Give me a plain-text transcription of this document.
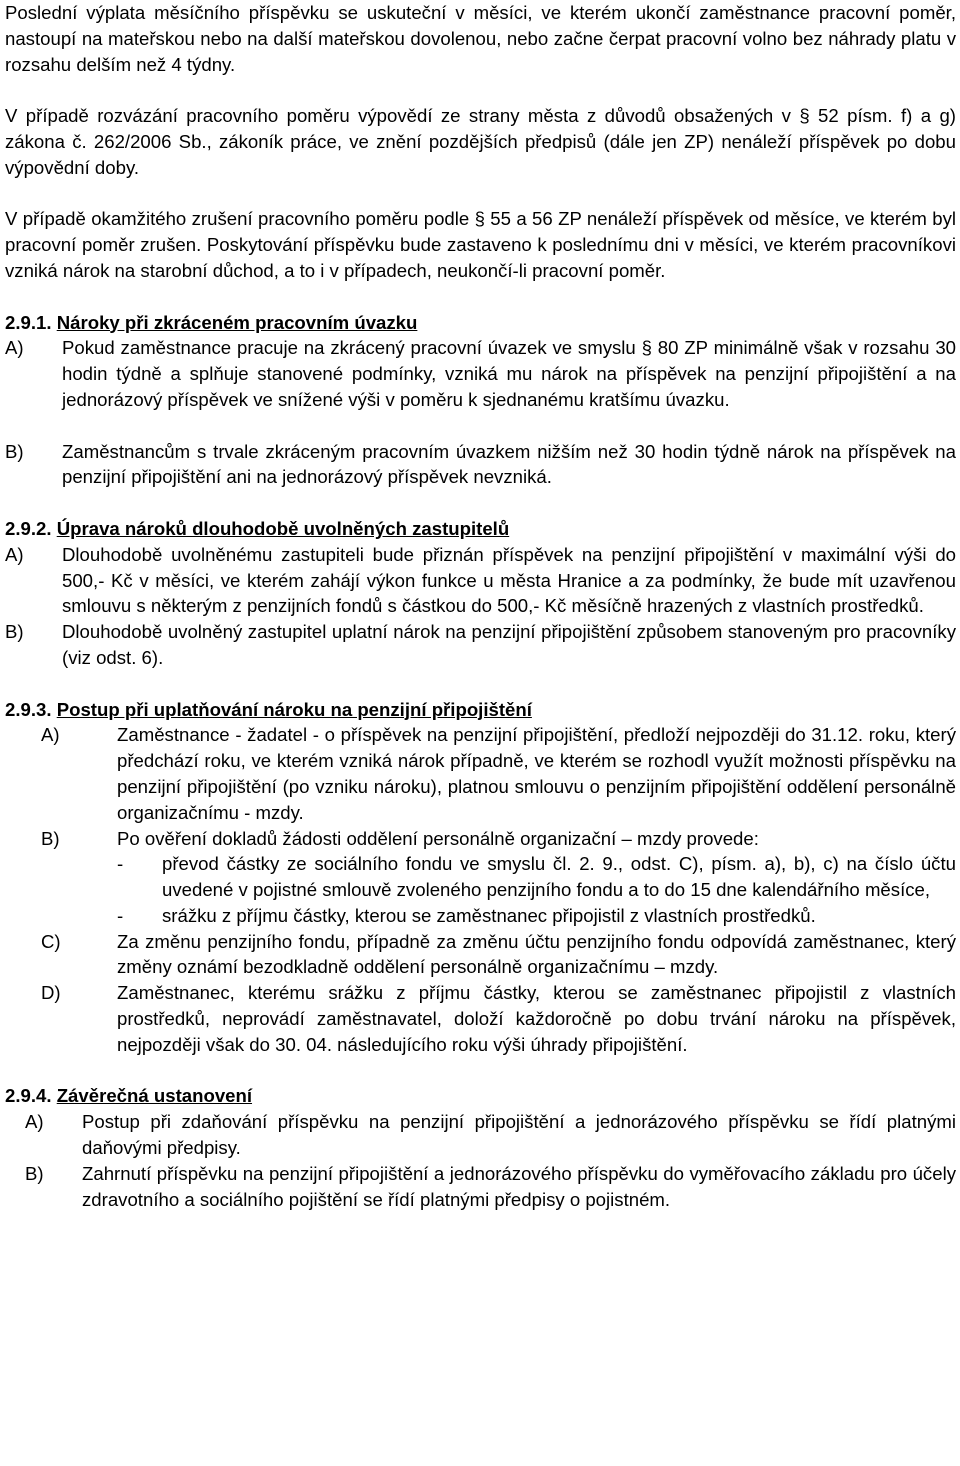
Poslední výplata měsíčního příspěvku se uskuteční v měsíci, ve kterém ukončí zaměstnance pracovní poměr, nastoupí na mateřskou nebo na další mateřskou dovolenou, nebo začne čerpat pracovní volno bez náhrady platu v rozsahu delším než 4 týdny.

V případě rozvázání pracovního poměru výpovědí ze strany města z důvodů obsažených v § 52 písm. f) a g) zákona č. 262/2006 Sb., zákoník práce, ve znění pozdějších předpisů (dále jen ZP) nenáleží příspěvek po dobu výpovědní doby.

V případě okamžitého zrušení pracovního poměru podle § 55 a 56 ZP nenáleží příspěvek od měsíce, ve kterém byl pracovní poměr zrušen. Poskytování příspěvku bude zastaveno k poslednímu dni v měsíci, ve kterém pracovníkovi vzniká nárok na starobní důchod, a to i v případech, neukončí-li pracovní poměr.

2.9.1. Nároky při zkráceném pracovním úvazku

A)	Pokud zaměstnance pracuje na zkrácený pracovní úvazek ve smyslu § 80 ZP minimálně však v rozsahu 30 hodin týdně a splňuje stanovené podmínky, vzniká mu nárok na příspěvek na penzijní připojištění a na jednorázový příspěvek ve snížené výši v poměru k sjednanému kratšímu úvazku.
B)	Zaměstnancům s trvale zkráceným pracovním úvazkem nižším než 30 hodin týdně nárok na příspěvek na penzijní připojištění ani na jednorázový příspěvek nevzniká.

2.9.2. Úprava nároků dlouhodobě uvolněných zastupitelů

A)	Dlouhodobě uvolněnému zastupiteli bude přiznán příspěvek na penzijní připojištění v maximální výši do 500,- Kč v měsíci, ve kterém zahájí výkon funkce u města Hranice a za podmínky, že bude mít uzavřenou smlouvu s některým z penzijních fondů s částkou do 500,- Kč měsíčně hrazených z vlastních prostředků.
B)	Dlouhodobě uvolněný zastupitel uplatní nárok na penzijní připojištění způsobem stanoveným pro pracovníky (viz odst. 6).

2.9.3. Postup při uplatňování nároku na penzijní připojištění

A)	Zaměstnance - žadatel - o příspěvek na penzijní připojištění, předloží nejpozději do 31.12. roku, který předchází roku, ve kterém vzniká nárok případně, ve kterém se rozhodl využít možnosti příspěvku na penzijní připojištění (po vzniku nároku), platnou smlouvu o penzijním připojištění oddělení personálně organizačnímu - mzdy.
B)	Po ověření dokladů žádosti oddělení personálně organizační – mzdy provede:
-	převod částky ze sociálního fondu ve smyslu čl. 2. 9., odst. C), písm. a), b), c) na číslo účtu uvedené v pojistné smlouvě zvoleného penzijního fondu a to do 15 dne kalendářního měsíce,
-	srážku z příjmu částky, kterou se zaměstnanec připojistil z vlastních prostředků.
C)	Za změnu penzijního fondu, případně za změnu účtu penzijního fondu odpovídá zaměstnanec, který změny oznámí bezodkladně oddělení personálně organizačnímu – mzdy.
D)	Zaměstnanec, kterému srážku z příjmu částky, kterou se zaměstnanec připojistil z vlastních prostředků, neprovádí zaměstnavatel, doloží každoročně po dobu trvání nároku na příspěvek, nejpozději však do 30. 04. následujícího roku výši úhrady připojištění.

2.9.4. Závěrečná ustanovení

A)	Postup při zdaňování příspěvku na penzijní připojištění a jednorázového příspěvku se řídí platnými daňovými předpisy.
B)	Zahrnutí příspěvku na penzijní připojištění a jednorázového příspěvku do vyměřovacího základu pro účely zdravotního a sociálního pojištění se řídí platnými předpisy o pojistném.
